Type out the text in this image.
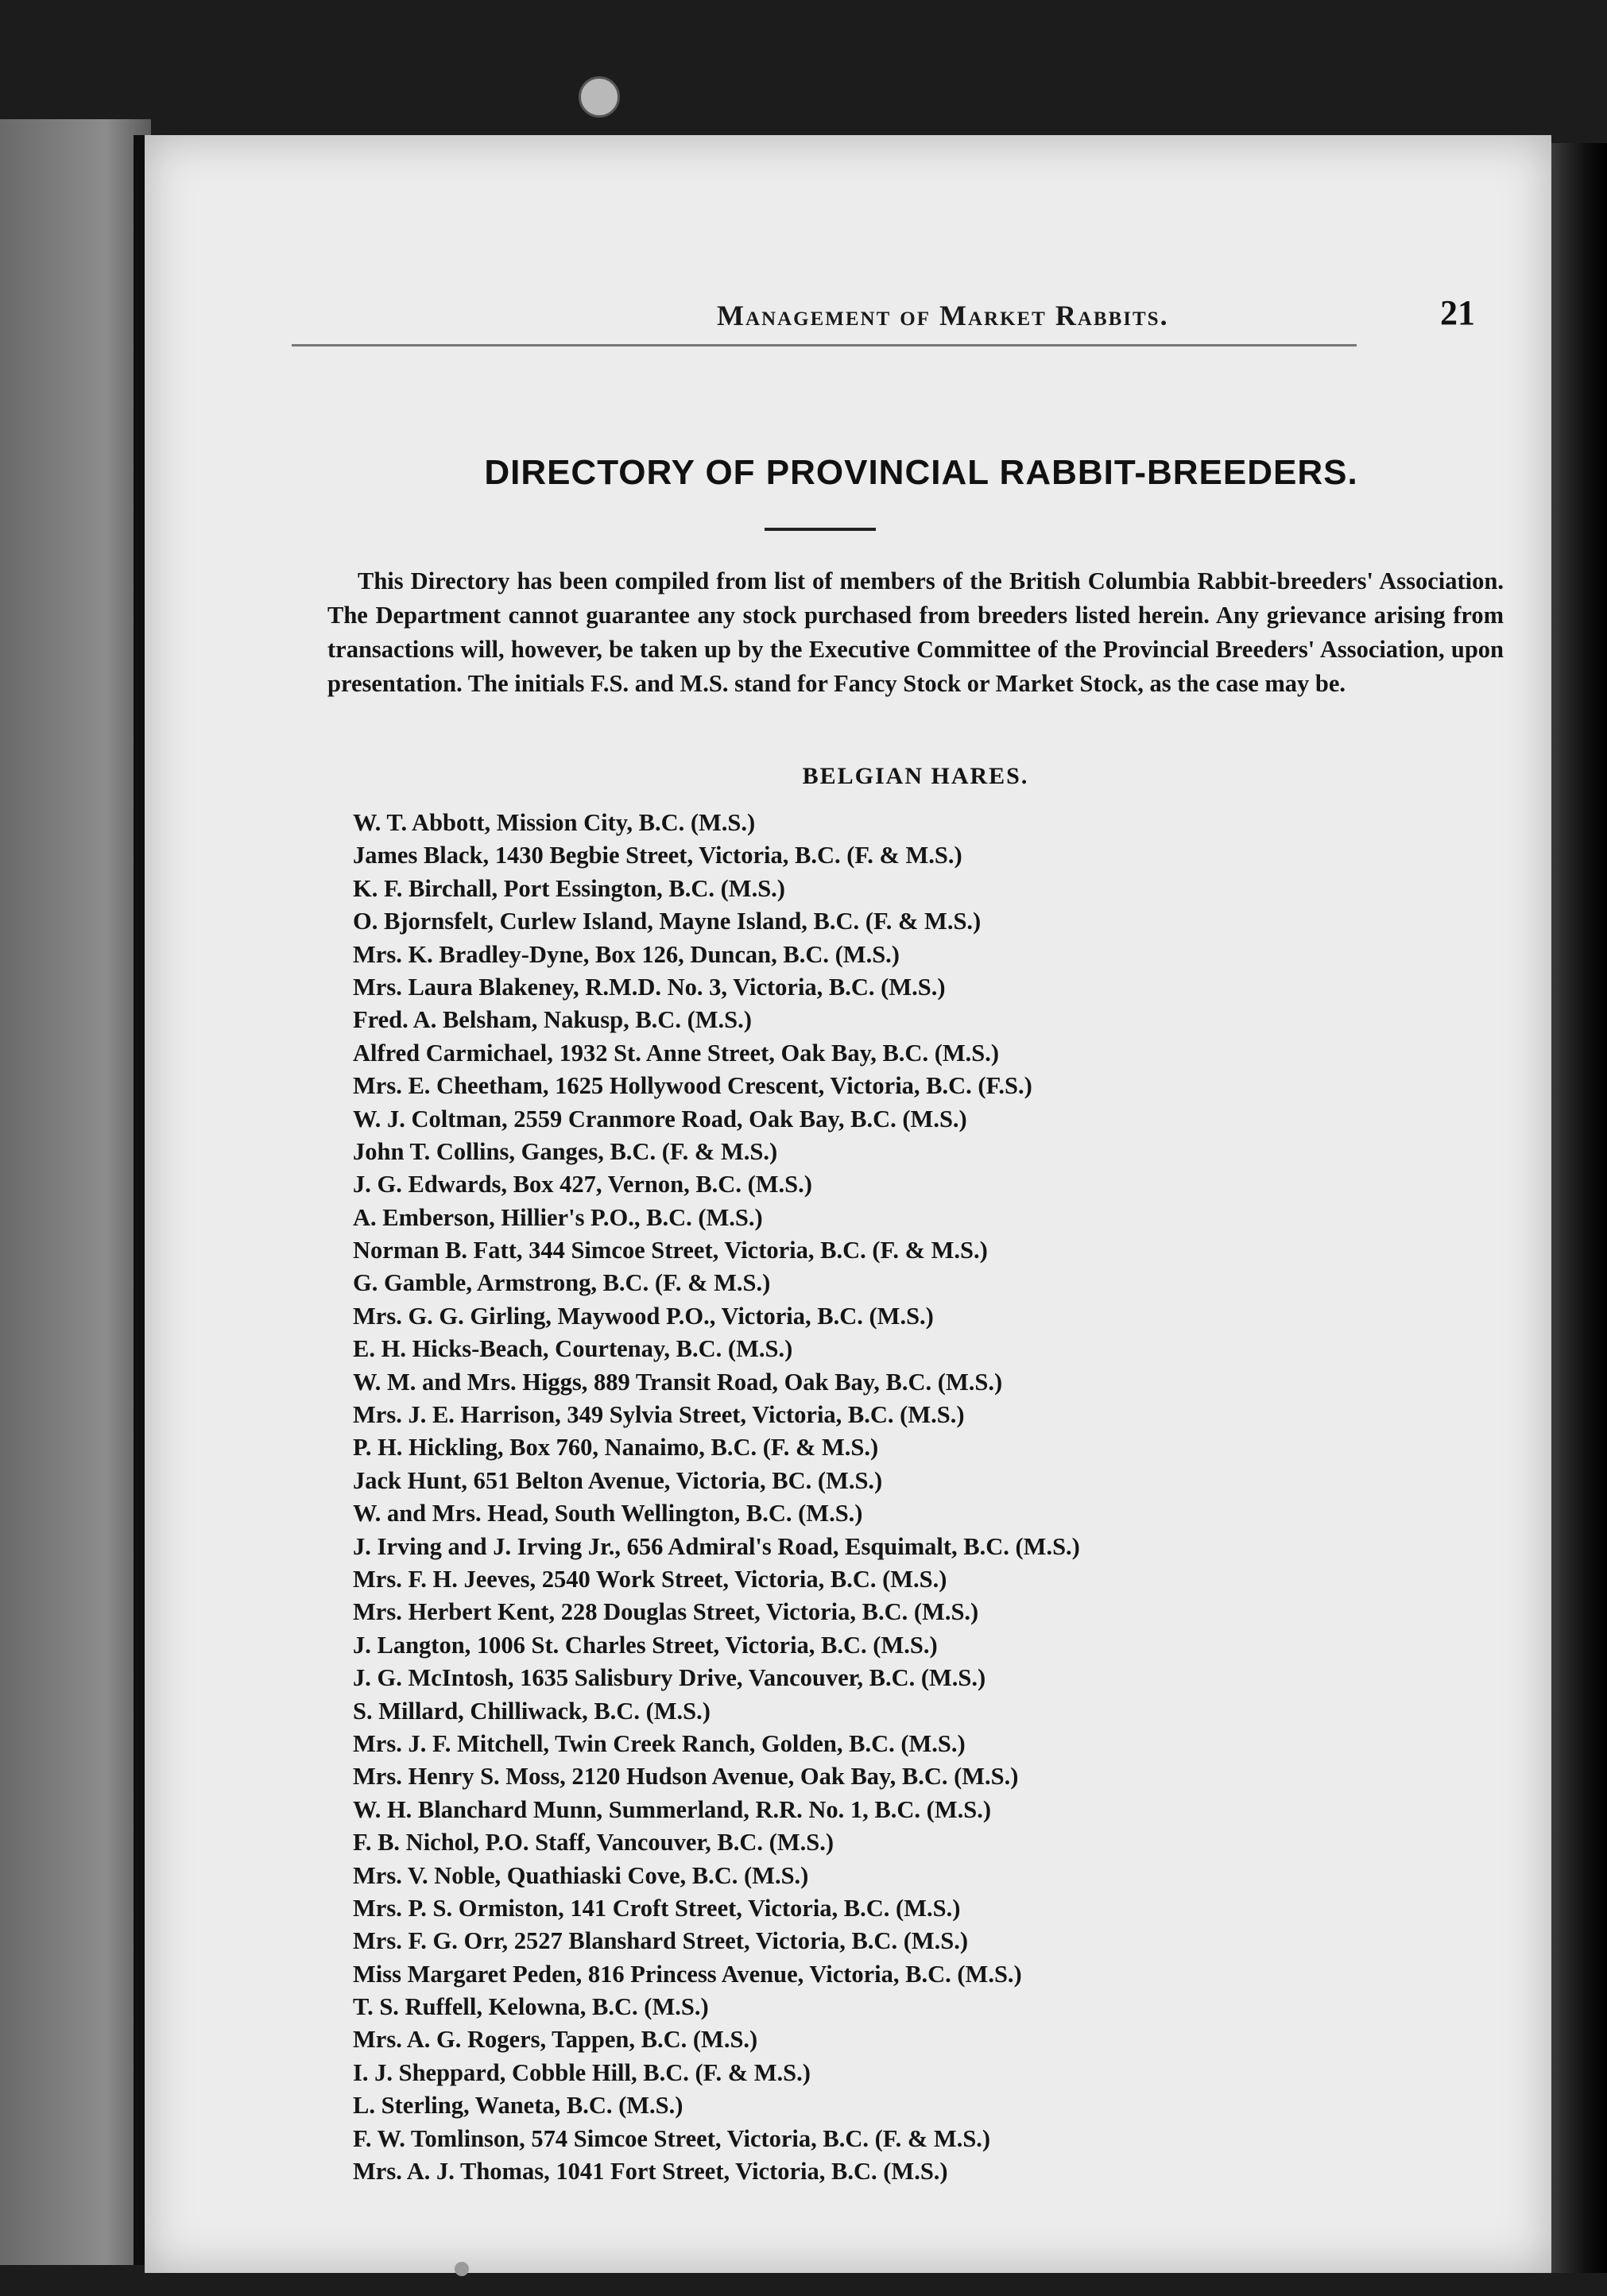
Management of Market Rabbits.	21
DIRECTORY OF PROVINCIAL RABBIT-BREEDERS.
This Directory has been compiled from list of members of the British Columbia Rabbit-breeders' Association. The Department cannot guarantee any stock purchased from breeders listed herein. Any grievance arising from transactions will, however, be taken up by the Executive Committee of the Provincial Breeders' Association, upon presentation. The initials F.S. and M.S. stand for Fancy Stock or Market Stock, as the case may be.
BELGIAN HARES.
W. T. Abbott, Mission City, B.C. (M.S.)
James Black, 1430 Begbie Street, Victoria, B.C. (F. & M.S.)
K. F. Birchall, Port Essington, B.C. (M.S.)
O. Bjornsfelt, Curlew Island, Mayne Island, B.C. (F. & M.S.)
Mrs. K. Bradley-Dyne, Box 126, Duncan, B.C. (M.S.)
Mrs. Laura Blakeney, R.M.D. No. 3, Victoria, B.C. (M.S.)
Fred. A. Belsham, Nakusp, B.C. (M.S.)
Alfred Carmichael, 1932 St. Anne Street, Oak Bay, B.C. (M.S.)
Mrs. E. Cheetham, 1625 Hollywood Crescent, Victoria, B.C. (F.S.)
W. J. Coltman, 2559 Cranmore Road, Oak Bay, B.C. (M.S.)
John T. Collins, Ganges, B.C. (F. & M.S.)
J. G. Edwards, Box 427, Vernon, B.C. (M.S.)
A. Emberson, Hillier's P.O., B.C. (M.S.)
Norman B. Fatt, 344 Simcoe Street, Victoria, B.C. (F. & M.S.)
G. Gamble, Armstrong, B.C. (F. & M.S.)
Mrs. G. G. Girling, Maywood P.O., Victoria, B.C. (M.S.)
E. H. Hicks-Beach, Courtenay, B.C. (M.S.)
W. M. and Mrs. Higgs, 889 Transit Road, Oak Bay, B.C. (M.S.)
Mrs. J. E. Harrison, 349 Sylvia Street, Victoria, B.C. (M.S.)
P. H. Hickling, Box 760, Nanaimo, B.C. (F. & M.S.)
Jack Hunt, 651 Belton Avenue, Victoria, BC. (M.S.)
W. and Mrs. Head, South Wellington, B.C. (M.S.)
J. Irving and J. Irving Jr., 656 Admiral's Road, Esquimalt, B.C. (M.S.)
Mrs. F. H. Jeeves, 2540 Work Street, Victoria, B.C. (M.S.)
Mrs. Herbert Kent, 228 Douglas Street, Victoria, B.C. (M.S.)
J. Langton, 1006 St. Charles Street, Victoria, B.C. (M.S.)
J. G. McIntosh, 1635 Salisbury Drive, Vancouver, B.C. (M.S.)
S. Millard, Chilliwack, B.C. (M.S.)
Mrs. J. F. Mitchell, Twin Creek Ranch, Golden, B.C. (M.S.)
Mrs. Henry S. Moss, 2120 Hudson Avenue, Oak Bay, B.C. (M.S.)
W. H. Blanchard Munn, Summerland, R.R. No. 1, B.C. (M.S.)
F. B. Nichol, P.O. Staff, Vancouver, B.C. (M.S.)
Mrs. V. Noble, Quathiaski Cove, B.C. (M.S.)
Mrs. P. S. Ormiston, 141 Croft Street, Victoria, B.C. (M.S.)
Mrs. F. G. Orr, 2527 Blanshard Street, Victoria, B.C. (M.S.)
Miss Margaret Peden, 816 Princess Avenue, Victoria, B.C. (M.S.)
T. S. Ruffell, Kelowna, B.C. (M.S.)
Mrs. A. G. Rogers, Tappen, B.C. (M.S.)
I. J. Sheppard, Cobble Hill, B.C. (F. & M.S.)
L. Sterling, Waneta, B.C. (M.S.)
F. W. Tomlinson, 574 Simcoe Street, Victoria, B.C. (F. & M.S.)
Mrs. A. J. Thomas, 1041 Fort Street, Victoria, B.C. (M.S.)
